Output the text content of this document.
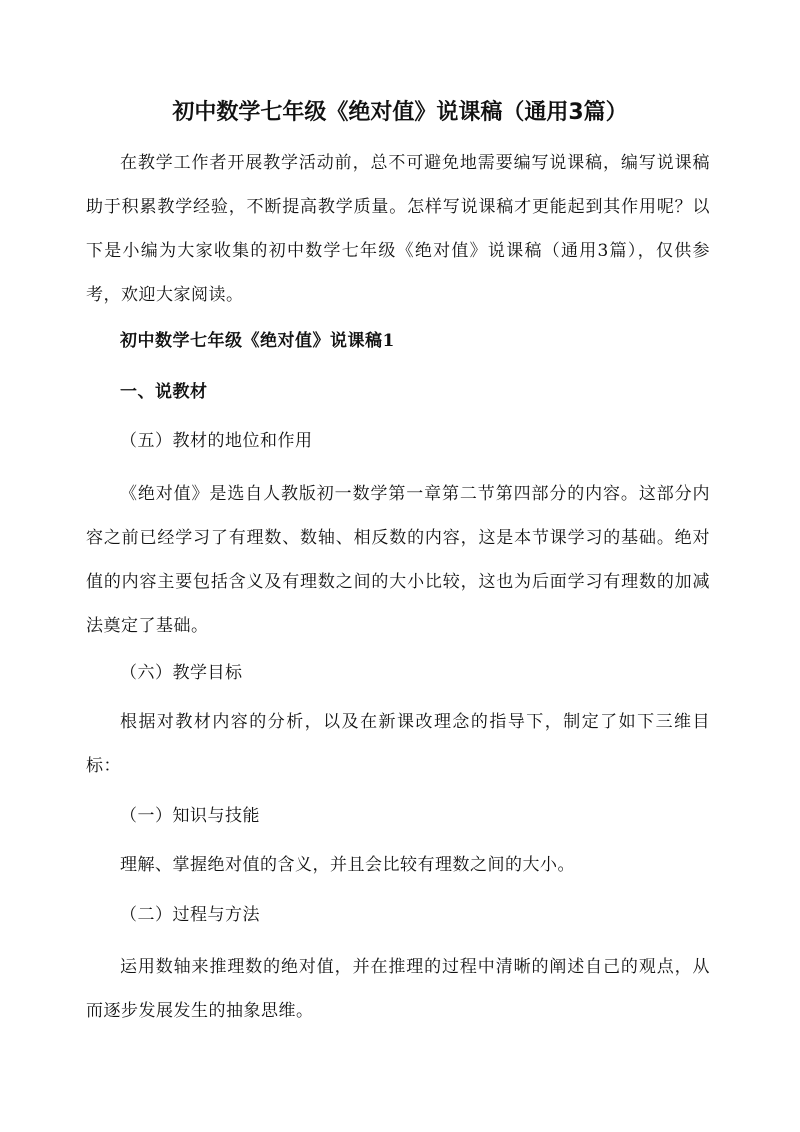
初中数学七年级《绝对值》说课稿（通用3篇）

在教学工作者开展教学活动前，总不可避免地需要编写说课稿，编写说课稿助于积累教学经验，不断提高教学质量。怎样写说课稿才更能起到其作用呢？以下是小编为大家收集的初中数学七年级《绝对值》说课稿（通用3篇），仅供参考，欢迎大家阅读。

初中数学七年级《绝对值》说课稿1

一、说教材

（五）教材的地位和作用

《绝对值》是选自人教版初一数学第一章第二节第四部分的内容。这部分内容之前已经学习了有理数、数轴、相反数的内容，这是本节课学习的基础。绝对值的内容主要包括含义及有理数之间的大小比较，这也为后面学习有理数的加减法奠定了基础。

（六）教学目标

根据对教材内容的分析，以及在新课改理念的指导下，制定了如下三维目标：

（一）知识与技能

理解、掌握绝对值的含义，并且会比较有理数之间的大小。

（二）过程与方法

运用数轴来推理数的绝对值，并在推理的过程中清晰的阐述自己的观点，从而逐步发展发生的抽象思维。
